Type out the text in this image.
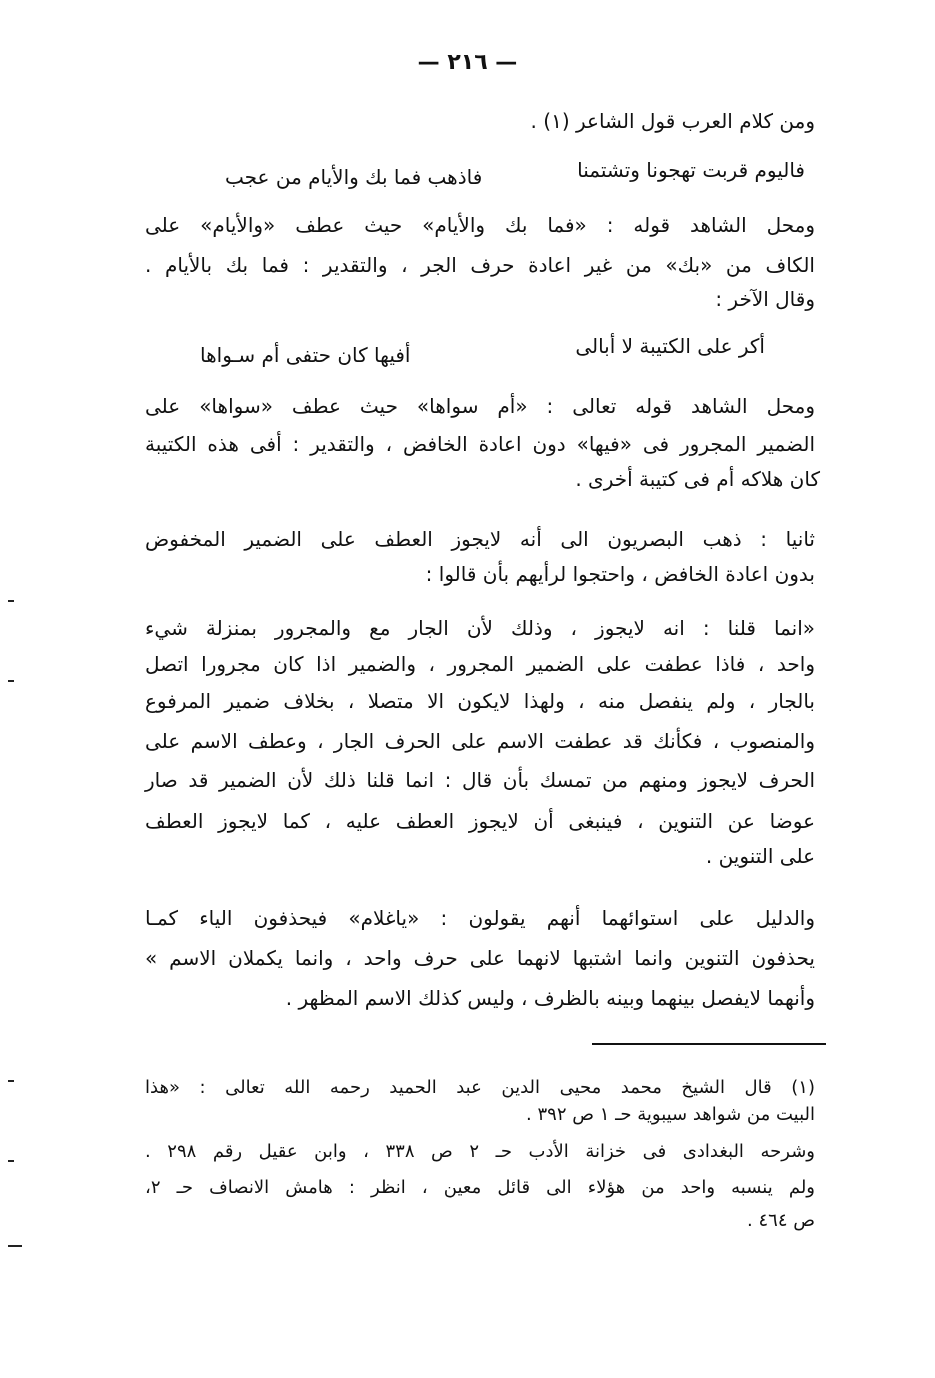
— ٢١٦ —
ومن كلام العرب قول الشاعر (١) .
فاليوم قربت تهجونا وتشتمنا
فاذهب فما بك والأيام من عجب
ومحل الشاهد قوله : «فما بك والأيام» حيث عطف «والأيام» على
الكاف من «بك» من غير اعادة حرف الجر ، والتقدير : فما بك بالأيام .
وقال الآخر :
أكر على الكتيبة لا أبالى
أفيها كان حتفى أم سـواها
ومحل الشاهد قوله تعالى : «أم سواها» حيث عطف «سواها» على
الضمير المجرور فى «فيها» دون اعادة الخافض ، والتقدير : أفى هذه الكتيبة
كان هلاكه أم فى كتيبة أخرى .
ثانيا : ذهب البصريون الى أنه لايجوز العطف على الضمير المخفوض
بدون اعادة الخافض ، واحتجوا لرأيهم بأن قالوا :
«انما قلنا : انه لايجوز ، وذلك لأن الجار مع والمجرور بمنزلة شيء
واحد ، فاذا عطفت على الضمير المجرور ، والضمير اذا كان مجرورا اتصل
بالجار ، ولم ينفصل منه ، ولهذا لايكون الا متصلا ، بخلاف ضمير المرفوع
والمنصوب ، فكأنك قد عطفت الاسم على الحرف الجار ، وعطف الاسم على
الحرف لايجوز ومنهم من تمسك بأن قال : انما قلنا ذلك لأن الضمير قد صار
عوضا عن التنوين ، فينبغى أن لايجوز العطف عليه ، كما لايجوز العطف
على التنوين .
والدليل على استوائهما أنهم يقولون : «ياغلام» فيحذفون الياء كمـا
يحذفون التنوين وانما اشتبها لانهما على حرف واحد ، وانما يكملان الاسم »
وأنهما لايفصل بينهما وبينه بالظرف ، وليس كذلك الاسم المظهر .
(١) قال الشيخ محمد محيى الدين عبد الحميد رحمه الله تعالى : «هذا
البيت من شواهد سيبوية حـ ١ ص ٣٩٢ .
وشرحه البغدادى فى خزانة الأدب حـ ٢ ص ٣٣٨ ، وابن عقيل رقم ٢٩٨ .
ولم ينسبه واحد من هؤلاء الى قائل معين ، انظر : هامش الانصاف حـ ٢،
ص ٤٦٤ .
